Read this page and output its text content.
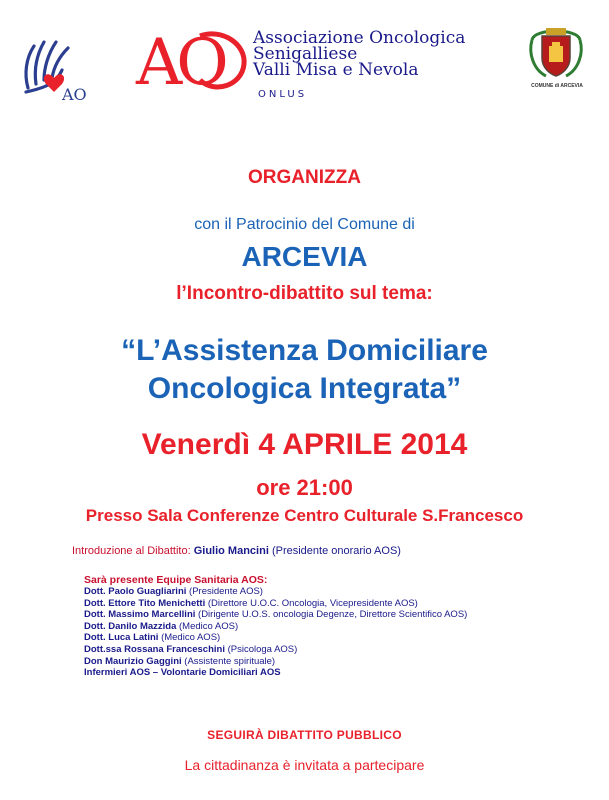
AO AO Associazione Oncologica
Senigalliese
Valli Misa e Nevola
ONLUS
COMUNE di ARCEVIA
ORGANIZZA
con il Patrocinio del Comune di
ARCEVIA
l’Incontro-dibattito sul tema:
“L’Assistenza Domiciliare
Oncologica Integrata”
Venerdì 4 APRILE 2014
ore 21:00
Presso Sala Conferenze Centro Culturale S.Francesco
Introduzione al Dibattito: Giulio Mancini (Presidente onorario AOS)
Sarà presente Equipe Sanitaria AOS:
Dott. Paolo Guagliarini (Presidente AOS)
Dott. Ettore Tito Menichetti (Direttore U.O.C. Oncologia, Vicepresidente AOS)
Dott. Massimo Marcellini (Dirigente U.O.S. oncologia Degenze, Direttore Scientifico AOS)
Dott. Danilo Mazzida (Medico AOS)
Dott. Luca Latini (Medico AOS)
Dott.ssa Rossana Franceschini (Psicologa AOS)
Don Maurizio Gaggini (Assistente spirituale)
Infermieri AOS – Volontarie Domiciliari AOS
SEGUIRÀ DIBATTITO PUBBLICO
La cittadinanza è invitata a partecipare
